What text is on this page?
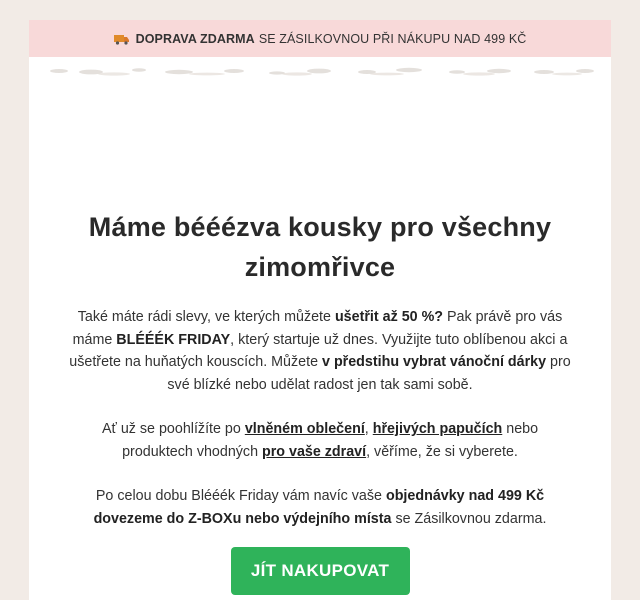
DOPRAVA ZDARMA SE ZÁSILKOVNOU PŘI NÁKUPU NAD 499 KČ
Máme bééézva kousky pro všechny zimomřivce

Také máte rádi slevy, ve kterých můžete ušetřit až 50 %? Pak právě pro vás máme BLÉÉÉK FRIDAY, který startuje už dnes. Využijte tuto oblíbenou akci a ušetřete na huňatých kouscích. Můžete v předstihu vybrat vánoční dárky pro své blízké nebo udělat radost jen tak sami sobě.

Ať už se poohlížíte po vlněném oblečení, hřejivých papučích nebo produktech vhodných pro vaše zdraví, věříme, že si vyberete.

Po celou dobu Blééék Friday vám navíc vaše objednávky nad 499 Kč dovezeme do Z-BOXu nebo výdejního místa se Zásilkovnou zdarma.

JÍT NAKUPOVAT
